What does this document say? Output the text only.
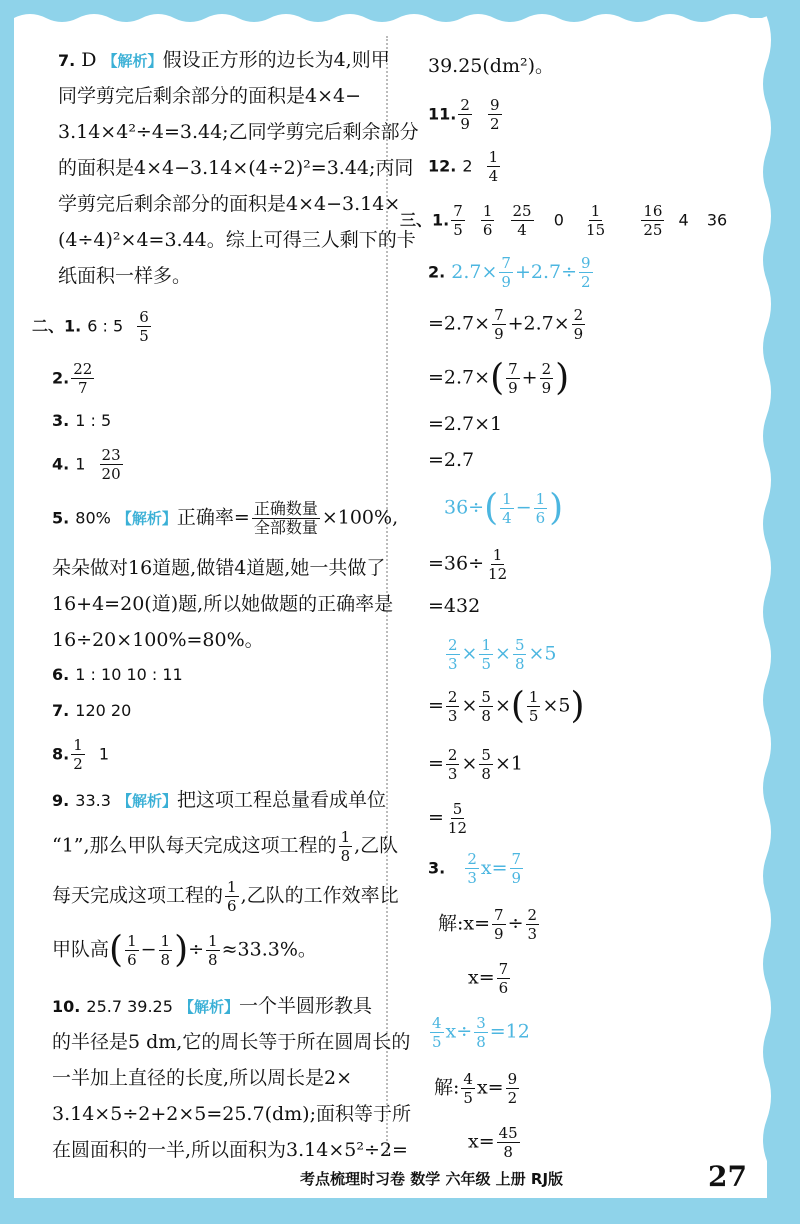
7. D 【解析】假设正方形的边长为4,则甲
同学剪完后剩余部分的面积是4×4−
3.14×4²÷4=3.44;乙同学剪完后剩余部分
的面积是4×4−3.14×(4÷2)²=3.44;丙同
学剪完后剩余部分的面积是4×4−3.14×
(4÷4)²×4=3.44。综上可得三人剩下的卡
纸面积一样多。
二、1. 6 : $5 \frac{6}{5}$
2. $\frac{22}{7}$
3. 1 : 5
4. $1 \frac{23}{20}$
5. 80% 【解析】正确率= 正确数量
全部数量 ×100%,
朵朵做对16道题,做错4道题,她一共做了
16+4=20(道)题,所以她做题的正确率是
16÷20×100%=80%。
6. 1 : 10 10 : 11
7. 120 20
8. $\frac{1}{2} 1$
9. 33.3 【解析】把这项工程总量看成单位
“1”,那么甲队每天完成这项工程的 $\frac{1}{8}$ ,乙队
每天完成这项工程的 $\frac{1}{6}$ ,乙队的工作效率比
甲队高( $\frac{1}{6} - \frac{1}{8}$ )÷ $\frac{1}{8} \approx 33.3\%$。
10. 25.7 39.25 【解析】一个半圆形教具
的半径是5 dm,它的周长等于所在圆周长的
一半加上直径的长度,所以周长是2×
3.14×5÷2+2×5=25.7(dm);面积等于所
在圆面积的一半,所以面积为3.14×5²÷2=
39.25(dm²)。
11. $\frac{2}{9}$
$\frac{9}{2}$
12. $2 \frac{1}{4}$
三、1. $\frac{7}{5}$
$\frac{1}{6}$
$\frac{25}{4} 0 \frac{1}{15}$
$\frac{16}{25} 4$ 36
2. $2.7\times \frac{7}{9} +2.7\div \frac{9}{2}$
$=2.7\times \frac{7}{9} +2.7\times \frac{2}{9}$
$=2.7\times( \frac{7}{9} + \frac{2}{9}$ )
=2.7×1
=2.7
$36\div( \frac{1}{4} - \frac{1}{6}$ )
$=36\div \frac{1}{12}$
=432
$\frac{2}{3} \times \frac{1}{5} \times \frac{5}{8} \times 5$
= $\frac{2}{3} \times \frac{5}{8}$ ×( $\frac{1}{5} \times 5$)
= $\frac{2}{3} \times \frac{5}{8} \times 1$
= $\frac{5}{12}$
3. $\frac{2}{3} x= \frac{7}{9}$
解:x= $\frac{7}{9} \div \frac{2}{3}$
$x= \frac{7}{6}$
$\frac{4}{5} x\div \frac{3}{8} =12$
解: $\frac{4}{5} x= \frac{9}{2}$
$x= \frac{45}{8}$
考点梳理时习卷 数学 六年级 上册 RJ版	27
